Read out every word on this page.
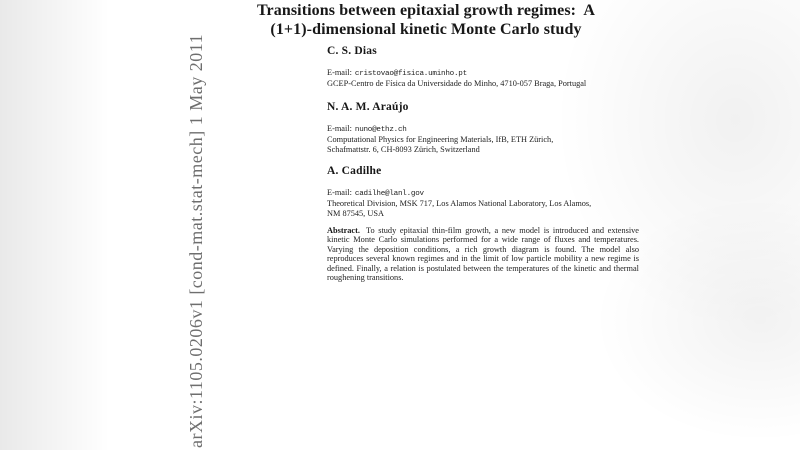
arXiv:1105.0206v1 [cond-mat.stat-mech] 1 May 2011
Transitions between epitaxial growth regimes:  A
(1+1)-dimensional kinetic Monte Carlo study
C. S. Dias
E-mail: cristovao@fisica.uminho.pt
GCEP-Centro de Física da Universidade do Minho, 4710-057 Braga, Portugal
N. A. M. Araújo
E-mail: nuno@ethz.ch
Computational Physics for Engineering Materials, IfB, ETH Zürich,
Schafmattstr. 6, CH-8093 Zürich, Switzerland
A. Cadilhe
E-mail: cadilhe@lanl.gov
Theoretical Division, MSK 717, Los Alamos National Laboratory, Los Alamos,
NM 87545, USA
Abstract. To study epitaxial thin-film growth, a new model is introduced and extensive kinetic Monte Carlo simulations performed for a wide range of fluxes and temperatures. Varying the deposition conditions, a rich growth diagram is found. The model also reproduces several known regimes and in the limit of low particle mobility a new regime is defined. Finally, a relation is postulated between the temperatures of the kinetic and thermal roughening transitions.
